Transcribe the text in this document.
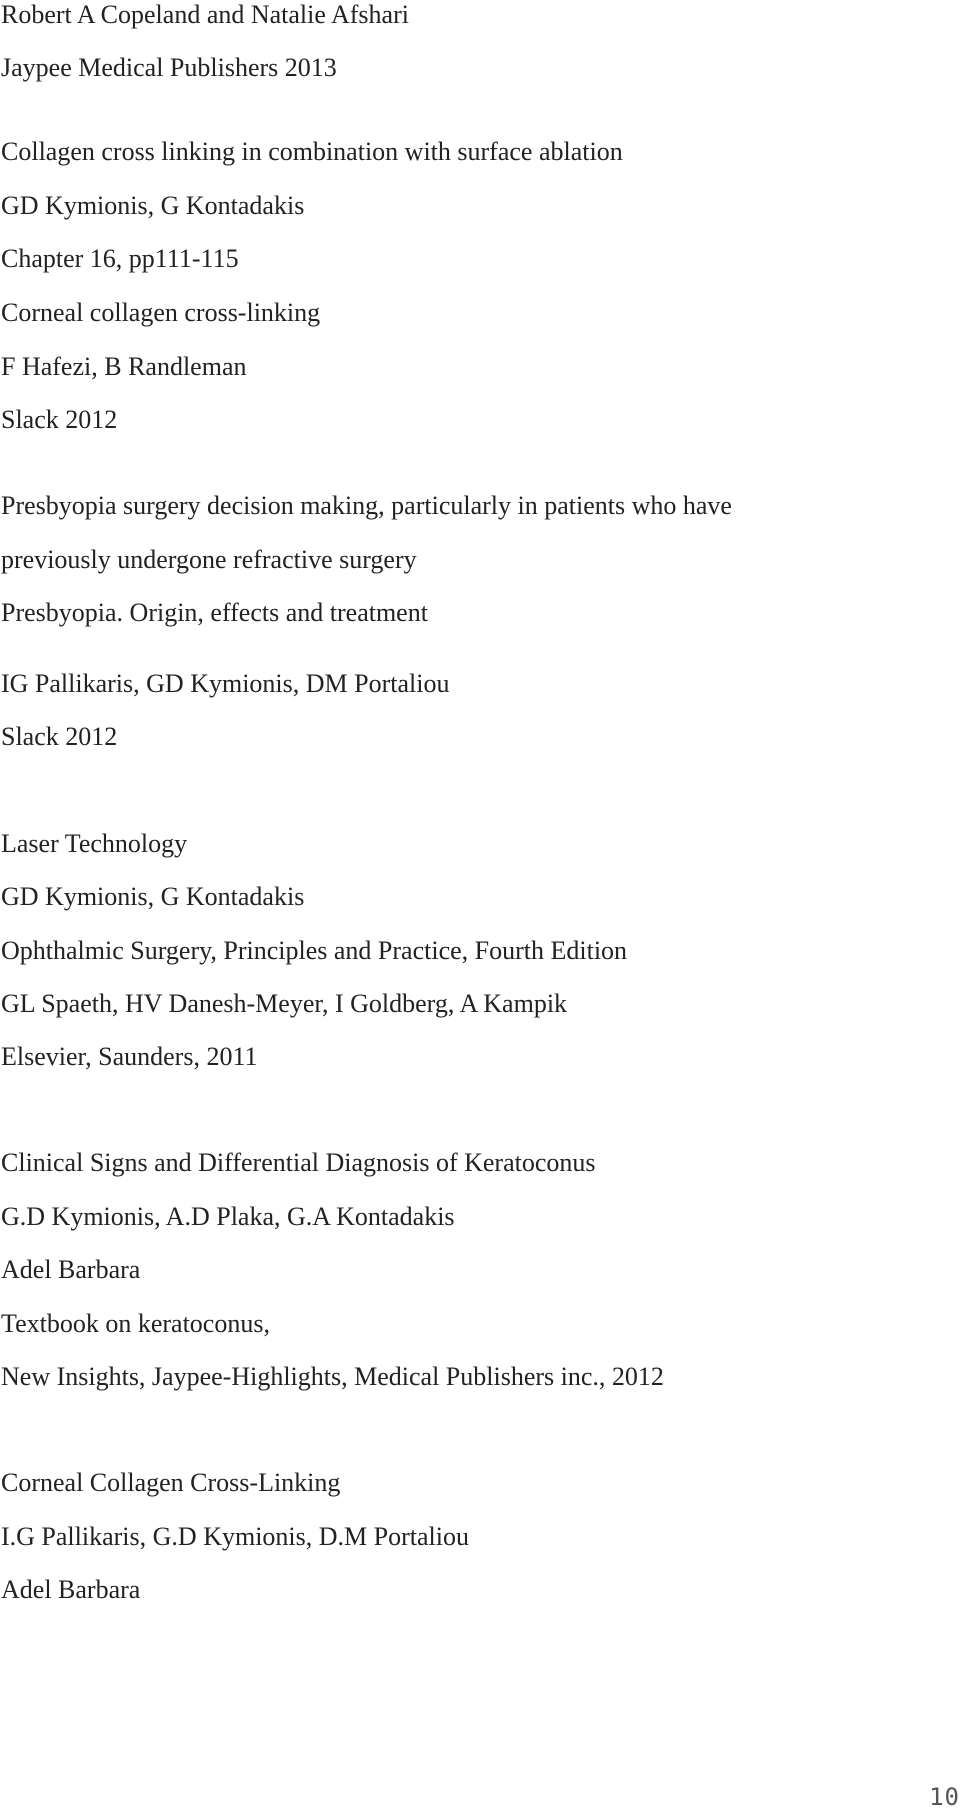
Robert A Copeland and Natalie Afshari

Jaypee Medical Publishers 2013

Collagen cross linking in combination with surface ablation

GD Kymionis, G Kontadakis

Chapter 16, pp111-115

Corneal collagen cross-linking

F Hafezi, B Randleman

Slack 2012

Presbyopia surgery decision making, particularly in patients who have

previously undergone refractive surgery

Presbyopia. Origin, effects and treatment

IG Pallikaris, GD Kymionis, DM Portaliou

Slack 2012

Laser Technology

GD Kymionis, G Kontadakis

Ophthalmic Surgery, Principles and Practice, Fourth Edition

GL Spaeth, HV Danesh-Meyer, I Goldberg, A Kampik

Elsevier, Saunders, 2011

Clinical Signs and Differential Diagnosis of Keratoconus

G.D Kymionis, A.D Plaka, G.A Kontadakis

Adel Barbara

Textbook on keratoconus,

New Insights, Jaypee-Highlights, Medical Publishers inc., 2012

Corneal Collagen Cross-Linking

I.G Pallikaris, G.D Kymionis, D.M Portaliou

Adel Barbara

10
